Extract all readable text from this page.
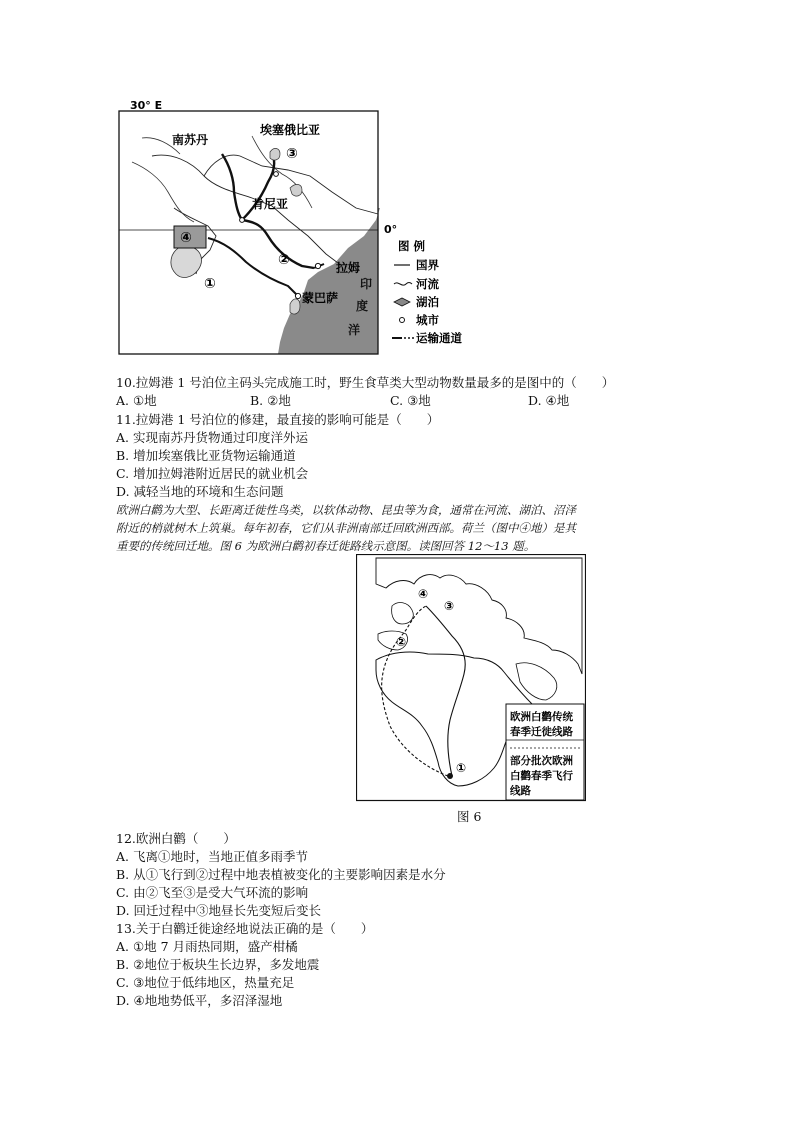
30° E
0°
南苏丹
埃塞俄比亚
肯尼亚
③
②
④
①
拉姆
蒙巴萨
印
度
洋
图 例
国界
河流
湖泊
城市
运输通道
10.拉姆港 1 号泊位主码头完成施工时，野生食草类大型动物数量最多的是图中的（　　）
A. ①地	B. ②地	C. ③地	D. ④地
11.拉姆港 1 号泊位的修建，最直接的影响可能是（　　）
A. 实现南苏丹货物通过印度洋外运
B. 增加埃塞俄比亚货物运输通道
C. 增加拉姆港附近居民的就业机会
D. 减轻当地的环境和生态问题
欧洲白鹳为大型、长距离迁徙性鸟类，以软体动物、昆虫等为食，通常在河流、湖泊、沼泽
附近的梢就树木上筑巢。每年初春，它们从非洲南部迁回欧洲西部。荷兰（图中④地）是其
重要的传统回迁地。图 6 为欧洲白鹳初春迁徙路线示意图。读图回答 12～13 题。
①
②
③
④
欧洲白鹳传统
春季迁徙线路
部分批次欧洲
白鹳春季飞行
线路
图 6
12.欧洲白鹳（　　）
A. 飞离①地时，当地正值多雨季节
B. 从①飞行到②过程中地表植被变化的主要影响因素是水分
C. 由②飞至③是受大气环流的影响
D. 回迁过程中③地昼长先变短后变长
13.关于白鹳迁徙途经地说法正确的是（　　）
A. ①地 7 月雨热同期，盛产柑橘
B. ②地位于板块生长边界，多发地震
C. ③地位于低纬地区，热量充足
D. ④地地势低平，多沼泽湿地
